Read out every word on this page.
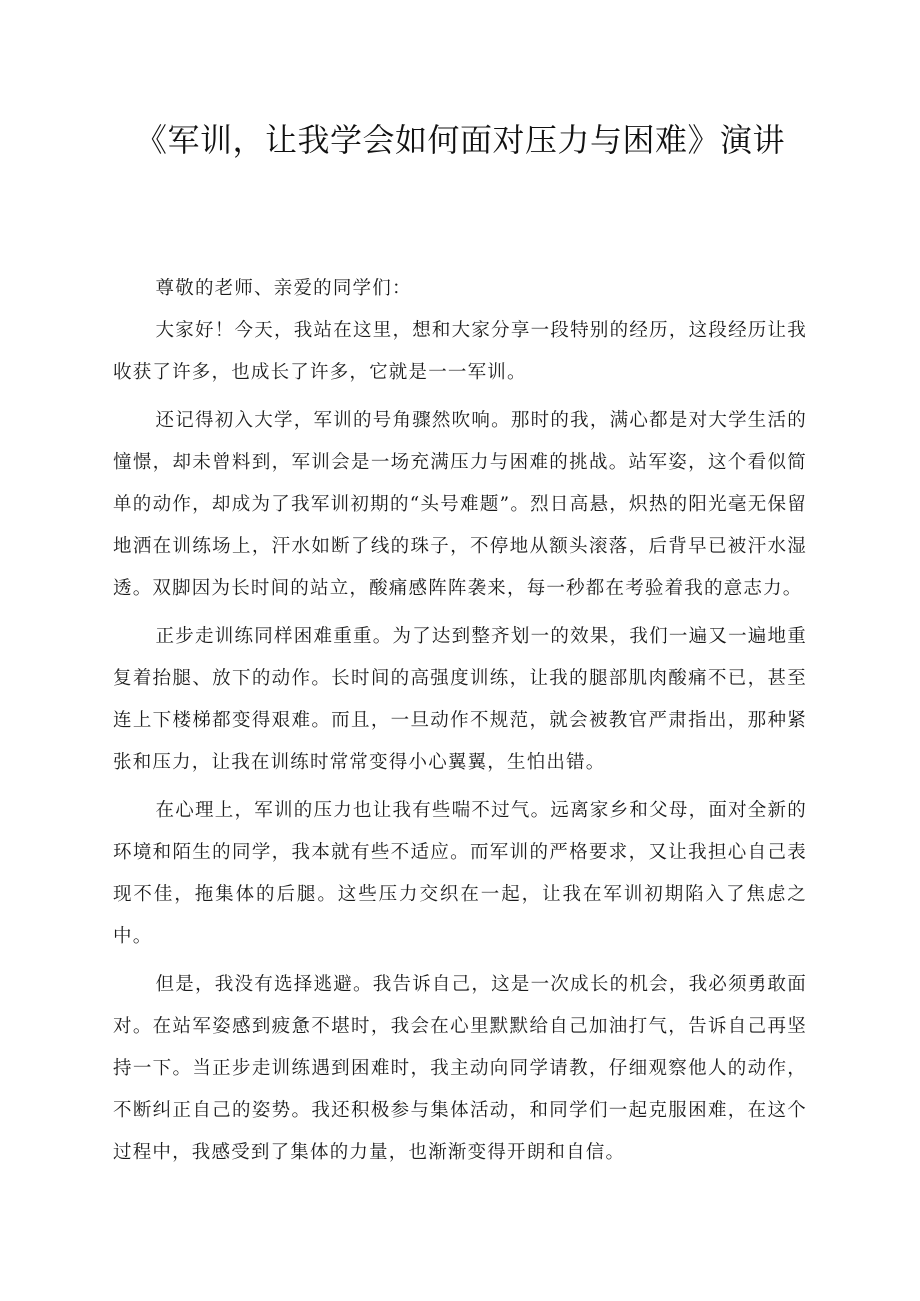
《军训，让我学会如何面对压力与困难》演讲

尊敬的老师、亲爱的同学们：

大家好！今天，我站在这里，想和大家分享一段特别的经历，这段经历让我收获了许多，也成长了许多，它就是一一军训。

还记得初入大学，军训的号角骤然吹响。那时的我，满心都是对大学生活的憧憬，却未曾料到，军训会是一场充满压力与困难的挑战。站军姿，这个看似简单的动作，却成为了我军训初期的“头号难题”。烈日高悬，炽热的阳光毫无保留地洒在训练场上，汗水如断了线的珠子，不停地从额头滚落，后背早已被汗水湿透。双脚因为长时间的站立，酸痛感阵阵袭来，每一秒都在考验着我的意志力。

正步走训练同样困难重重。为了达到整齐划一的效果，我们一遍又一遍地重复着抬腿、放下的动作。长时间的高强度训练，让我的腿部肌肉酸痛不已，甚至连上下楼梯都变得艰难。而且，一旦动作不规范，就会被教官严肃指出，那种紧张和压力，让我在训练时常常变得小心翼翼，生怕出错。

在心理上，军训的压力也让我有些喘不过气。远离家乡和父母，面对全新的环境和陌生的同学，我本就有些不适应。而军训的严格要求，又让我担心自己表现不佳，拖集体的后腿。这些压力交织在一起，让我在军训初期陷入了焦虑之中。

但是，我没有选择逃避。我告诉自己，这是一次成长的机会，我必须勇敢面对。在站军姿感到疲惫不堪时，我会在心里默默给自己加油打气，告诉自己再坚持一下。当正步走训练遇到困难时，我主动向同学请教，仔细观察他人的动作，不断纠正自己的姿势。我还积极参与集体活动，和同学们一起克服困难，在这个过程中，我感受到了集体的力量，也渐渐变得开朗和自信。
